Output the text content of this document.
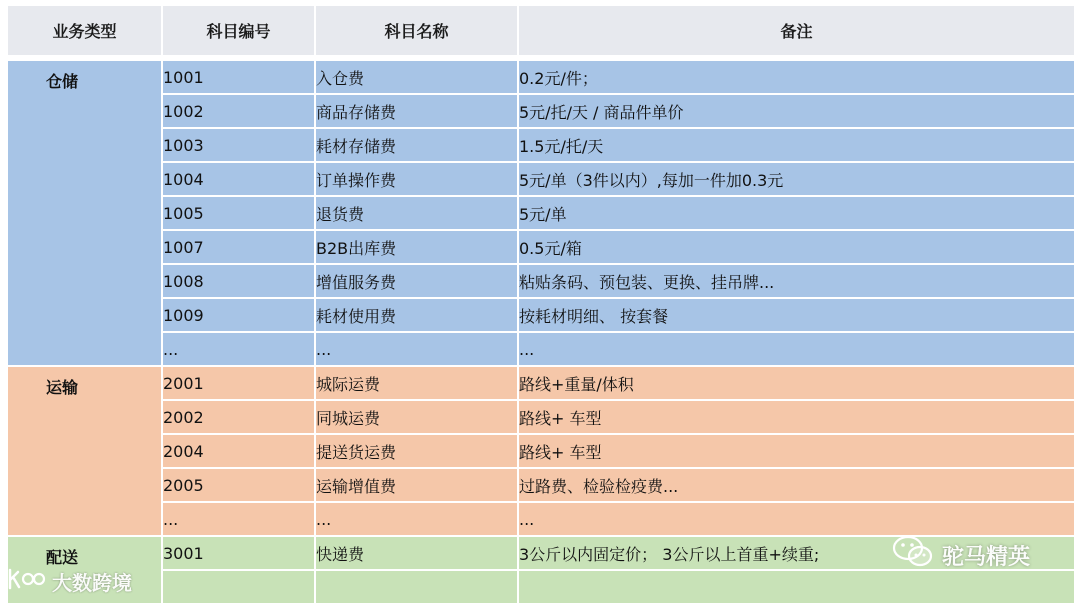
业务类型	科目编号	科目名称	备注

仓储	1001	入仓费	0.2元/件；
	1002	商品存储费	5元/托/天 / 商品件单价
	1003	耗材存储费	1.5元/托/天
	1004	订单操作费	5元/单（3件以内）,每加一件加0.3元
	1005	退货费	5元/单
	1007	B2B出库费	0.5元/箱
	1008	增值服务费	粘贴条码、预包装、更换、挂吊牌...
	1009	耗材使用费	按耗材明细、 按套餐
	...	...	...
运输	2001	城际运费	路线+重量/体积
	2002	同城运费	路线+ 车型
	2004	提送货运费	路线+ 车型
	2005	运输增值费	过路费、检验检疫费...
	...	...	...
配送	3001	快递费	3公斤以内固定价； 3公斤以上首重+续重;

大数跨境
驼马精英
